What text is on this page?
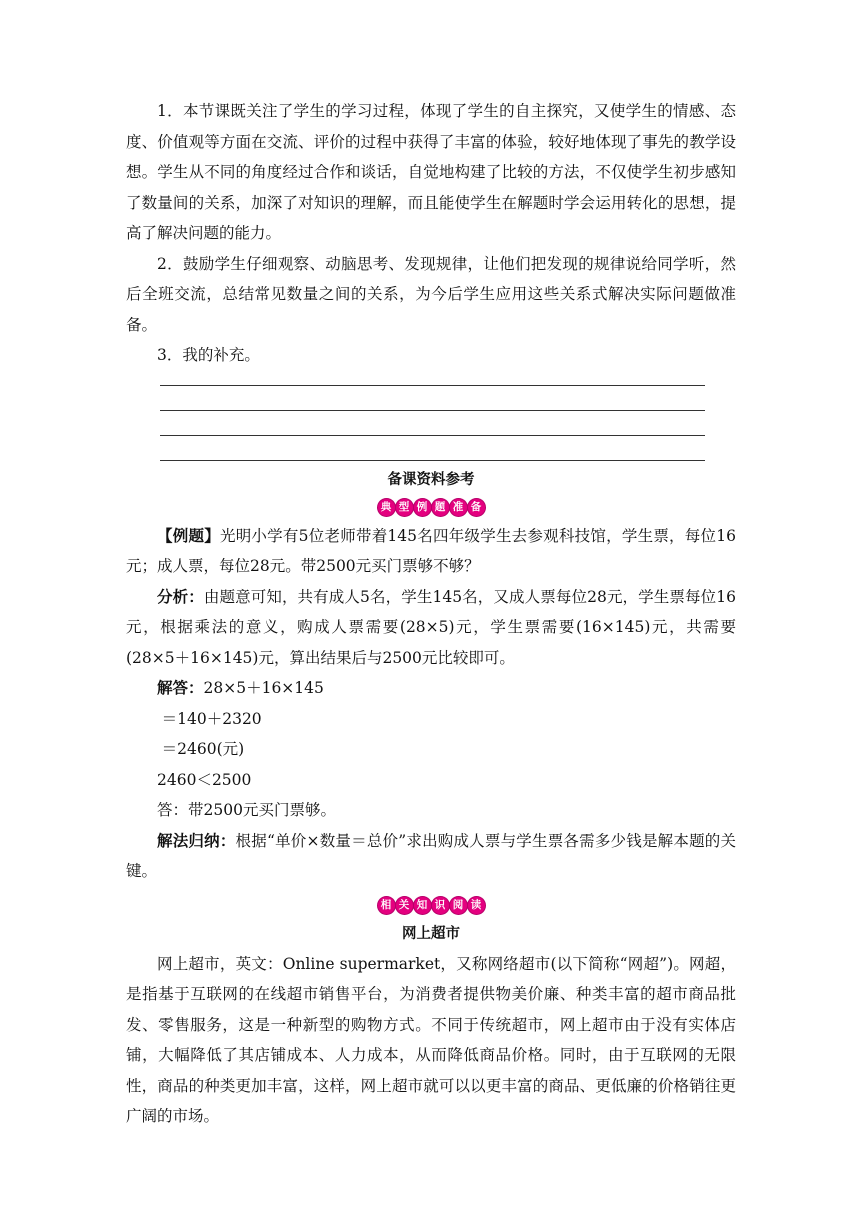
1．本节课既关注了学生的学习过程，体现了学生的自主探究，又使学生的情感、态度、价值观等方面在交流、评价的过程中获得了丰富的体验，较好地体现了事先的教学设想。学生从不同的角度经过合作和谈话，自觉地构建了比较的方法，不仅使学生初步感知了数量间的关系，加深了对知识的理解，而且能使学生在解题时学会运用转化的思想，提高了解决问题的能力。

2．鼓励学生仔细观察、动脑思考、发现规律，让他们把发现的规律说给同学听，然后全班交流，总结常见数量之间的关系，为今后学生应用这些关系式解决实际问题做准备。

3．我的补充。

备课资料参考
典 型 例 题 准 备

【例题】光明小学有5位老师带着145名四年级学生去参观科技馆，学生票，每位16元；成人票，每位28元。带2500元买门票够不够？

分析：由题意可知，共有成人5名，学生145名，又成人票每位28元，学生票每位16元，根据乘法的意义，购成人票需要(28×5)元，学生票需要(16×145)元，共需要(28×5＋16×145)元，算出结果后与2500元比较即可。

解答：28×5＋16×145

＝140＋2320

＝2460(元)

2460＜2500

答：带2500元买门票够。

解法归纳：根据“单价×数量＝总价”求出购成人票与学生票各需多少钱是解本题的关键。

相 关 知 识 阅 读
网上超市

网上超市，英文：Online supermarket，又称网络超市(以下简称“网超”)。网超，是指基于互联网的在线超市销售平台，为消费者提供物美价廉、种类丰富的超市商品批发、零售服务，这是一种新型的购物方式。不同于传统超市，网上超市由于没有实体店铺，大幅降低了其店铺成本、人力成本，从而降低商品价格。同时，由于互联网的无限性，商品的种类更加丰富，这样，网上超市就可以以更丰富的商品、更低廉的价格销往更广阔的市场。
